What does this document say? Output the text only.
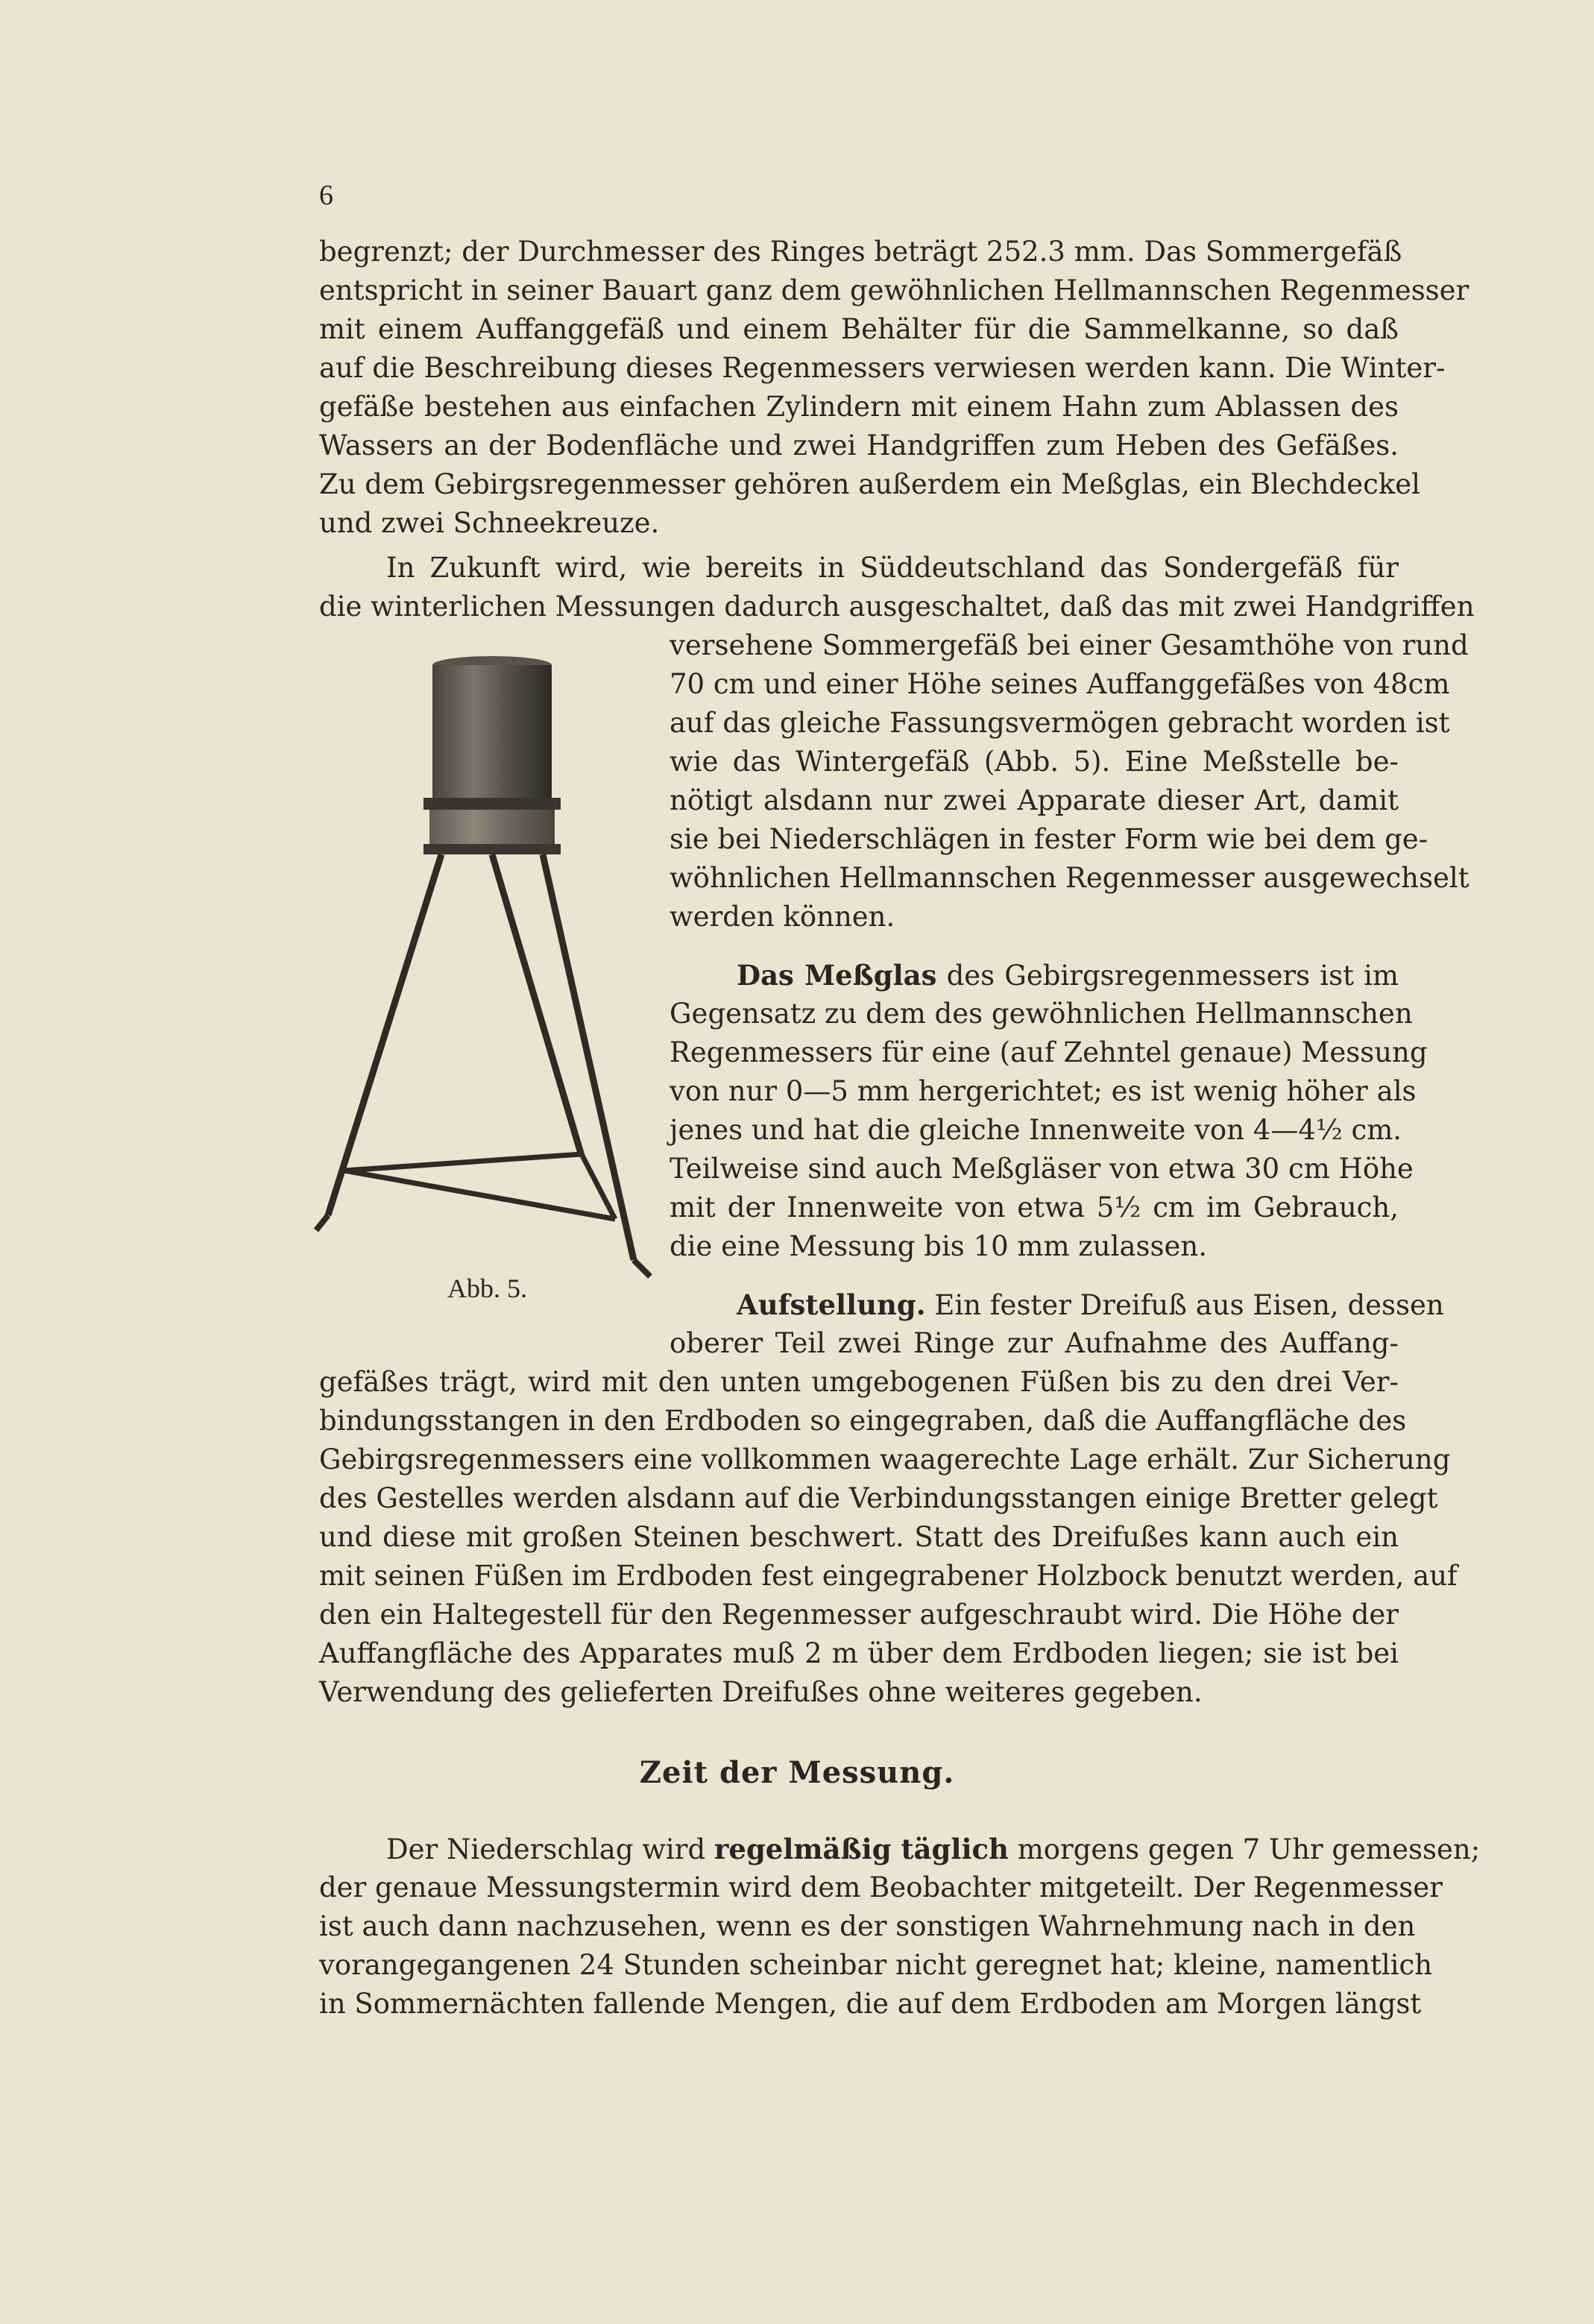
6
begrenzt; der Durchmesser des Ringes beträgt 252.3 mm. Das Sommergefäß
entspricht in seiner Bauart ganz dem gewöhnlichen Hellmannschen Regenmesser
mit einem Auffanggefäß und einem Behälter für die Sammelkanne, so daß
auf die Beschreibung dieses Regenmessers verwiesen werden kann. Die Winter-
gefäße bestehen aus einfachen Zylindern mit einem Hahn zum Ablassen des
Wassers an der Bodenfläche und zwei Handgriffen zum Heben des Gefäßes.
Zu dem Gebirgsregenmesser gehören außerdem ein Meßglas, ein Blechdeckel
und zwei Schneekreuze.
In Zukunft wird, wie bereits in Süddeutschland das Sondergefäß für
die winterlichen Messungen dadurch ausgeschaltet, daß das mit zwei Handgriffen
versehene Sommergefäß bei einer Gesamthöhe von rund
70 cm und einer Höhe seines Auffanggefäßes von 48cm
auf das gleiche Fassungsvermögen gebracht worden ist
wie das Wintergefäß (Abb. 5). Eine Meßstelle be-
nötigt alsdann nur zwei Apparate dieser Art, damit
sie bei Niederschlägen in fester Form wie bei dem ge-
wöhnlichen Hellmannschen Regenmesser ausgewechselt
werden können.
Das Meßglas des Gebirgsregenmessers ist im
Gegensatz zu dem des gewöhnlichen Hellmannschen
Regenmessers für eine (auf Zehntel genaue) Messung
von nur 0—5 mm hergerichtet; es ist wenig höher als
jenes und hat die gleiche Innenweite von 4—4½ cm.
Teilweise sind auch Meßgläser von etwa 30 cm Höhe
mit der Innenweite von etwa 5½ cm im Gebrauch,
die eine Messung bis 10 mm zulassen.
Abb. 5.	Aufstellung. Ein fester Dreifuß aus Eisen, dessen
oberer Teil zwei Ringe zur Aufnahme des Auffang-
gefäßes trägt, wird mit den unten umgebogenen Füßen bis zu den drei Ver-
bindungsstangen in den Erdboden so eingegraben, daß die Auffangfläche des
Gebirgsregenmessers eine vollkommen waagerechte Lage erhält. Zur Sicherung
des Gestelles werden alsdann auf die Verbindungsstangen einige Bretter gelegt
und diese mit großen Steinen beschwert. Statt des Dreifußes kann auch ein
mit seinen Füßen im Erdboden fest eingegrabener Holzbock benutzt werden, auf
den ein Haltegestell für den Regenmesser aufgeschraubt wird. Die Höhe der
Auffangfläche des Apparates muß 2 m über dem Erdboden liegen; sie ist bei
Verwendung des gelieferten Dreifußes ohne weiteres gegeben.
Zeit der Messung.
Der Niederschlag wird regelmäßig täglich morgens gegen 7 Uhr gemessen;
der genaue Messungstermin wird dem Beobachter mitgeteilt. Der Regenmesser
ist auch dann nachzusehen, wenn es der sonstigen Wahrnehmung nach in den
vorangegangenen 24 Stunden scheinbar nicht geregnet hat; kleine, namentlich
in Sommernächten fallende Mengen, die auf dem Erdboden am Morgen längst
